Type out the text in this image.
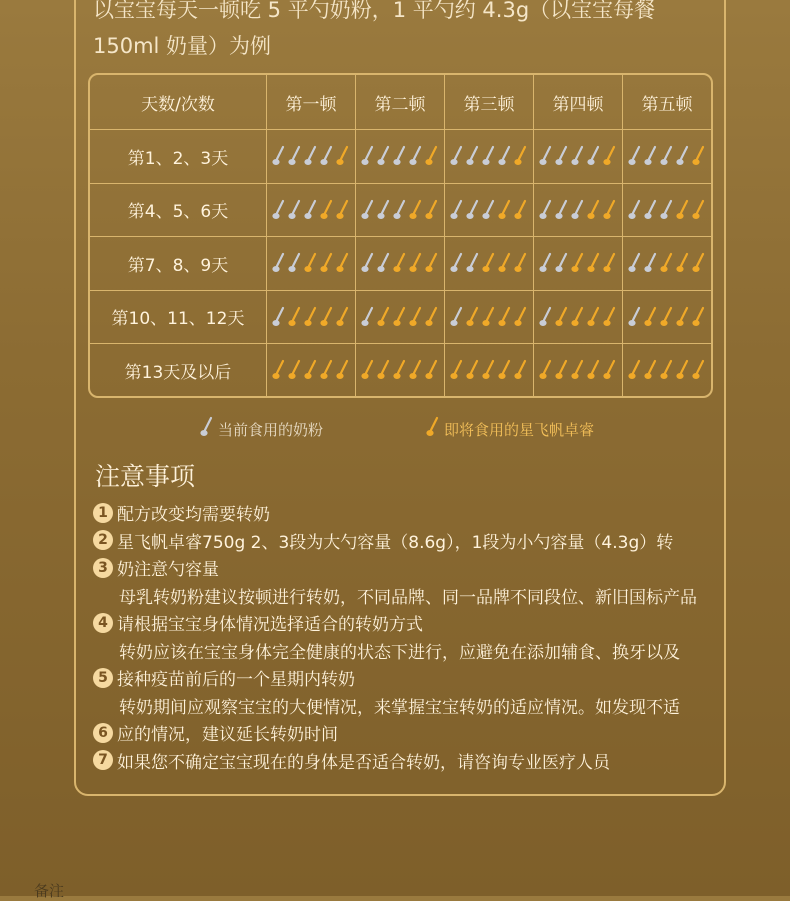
以宝宝每天一顿吃 5 平勺奶粉，1 平勺约 4.3g（以宝宝每餐
150ml 奶量）为例
天数/次数	第一顿	第二顿	第三顿	第四顿	第五顿
第1、2、3天	

第4、5、6天	

第7、8、9天	

第10、11、12天	

第13天及以后	

当前食用的奶粉	即将食用的星飞帆卓睿
注意事项
1 配方改变均需要转奶
2 星飞帆卓睿750g 2、3段为大勺容量（8.6g），1段为小勺容量（4.3g）转
3 奶注意勺容量
母乳转奶粉建议按顿进行转奶，不同品牌、同一品牌不同段位、新旧国标产品
4 请根据宝宝身体情况选择适合的转奶方式
转奶应该在宝宝身体完全健康的状态下进行，应避免在添加辅食、换牙以及
5 接种疫苗前后的一个星期内转奶
转奶期间应观察宝宝的大便情况，来掌握宝宝转奶的适应情况。如发现不适
6 应的情况，建议延长转奶时间
7 如果您不确定宝宝现在的身体是否适合转奶，请咨询专业医疗人员
备注
